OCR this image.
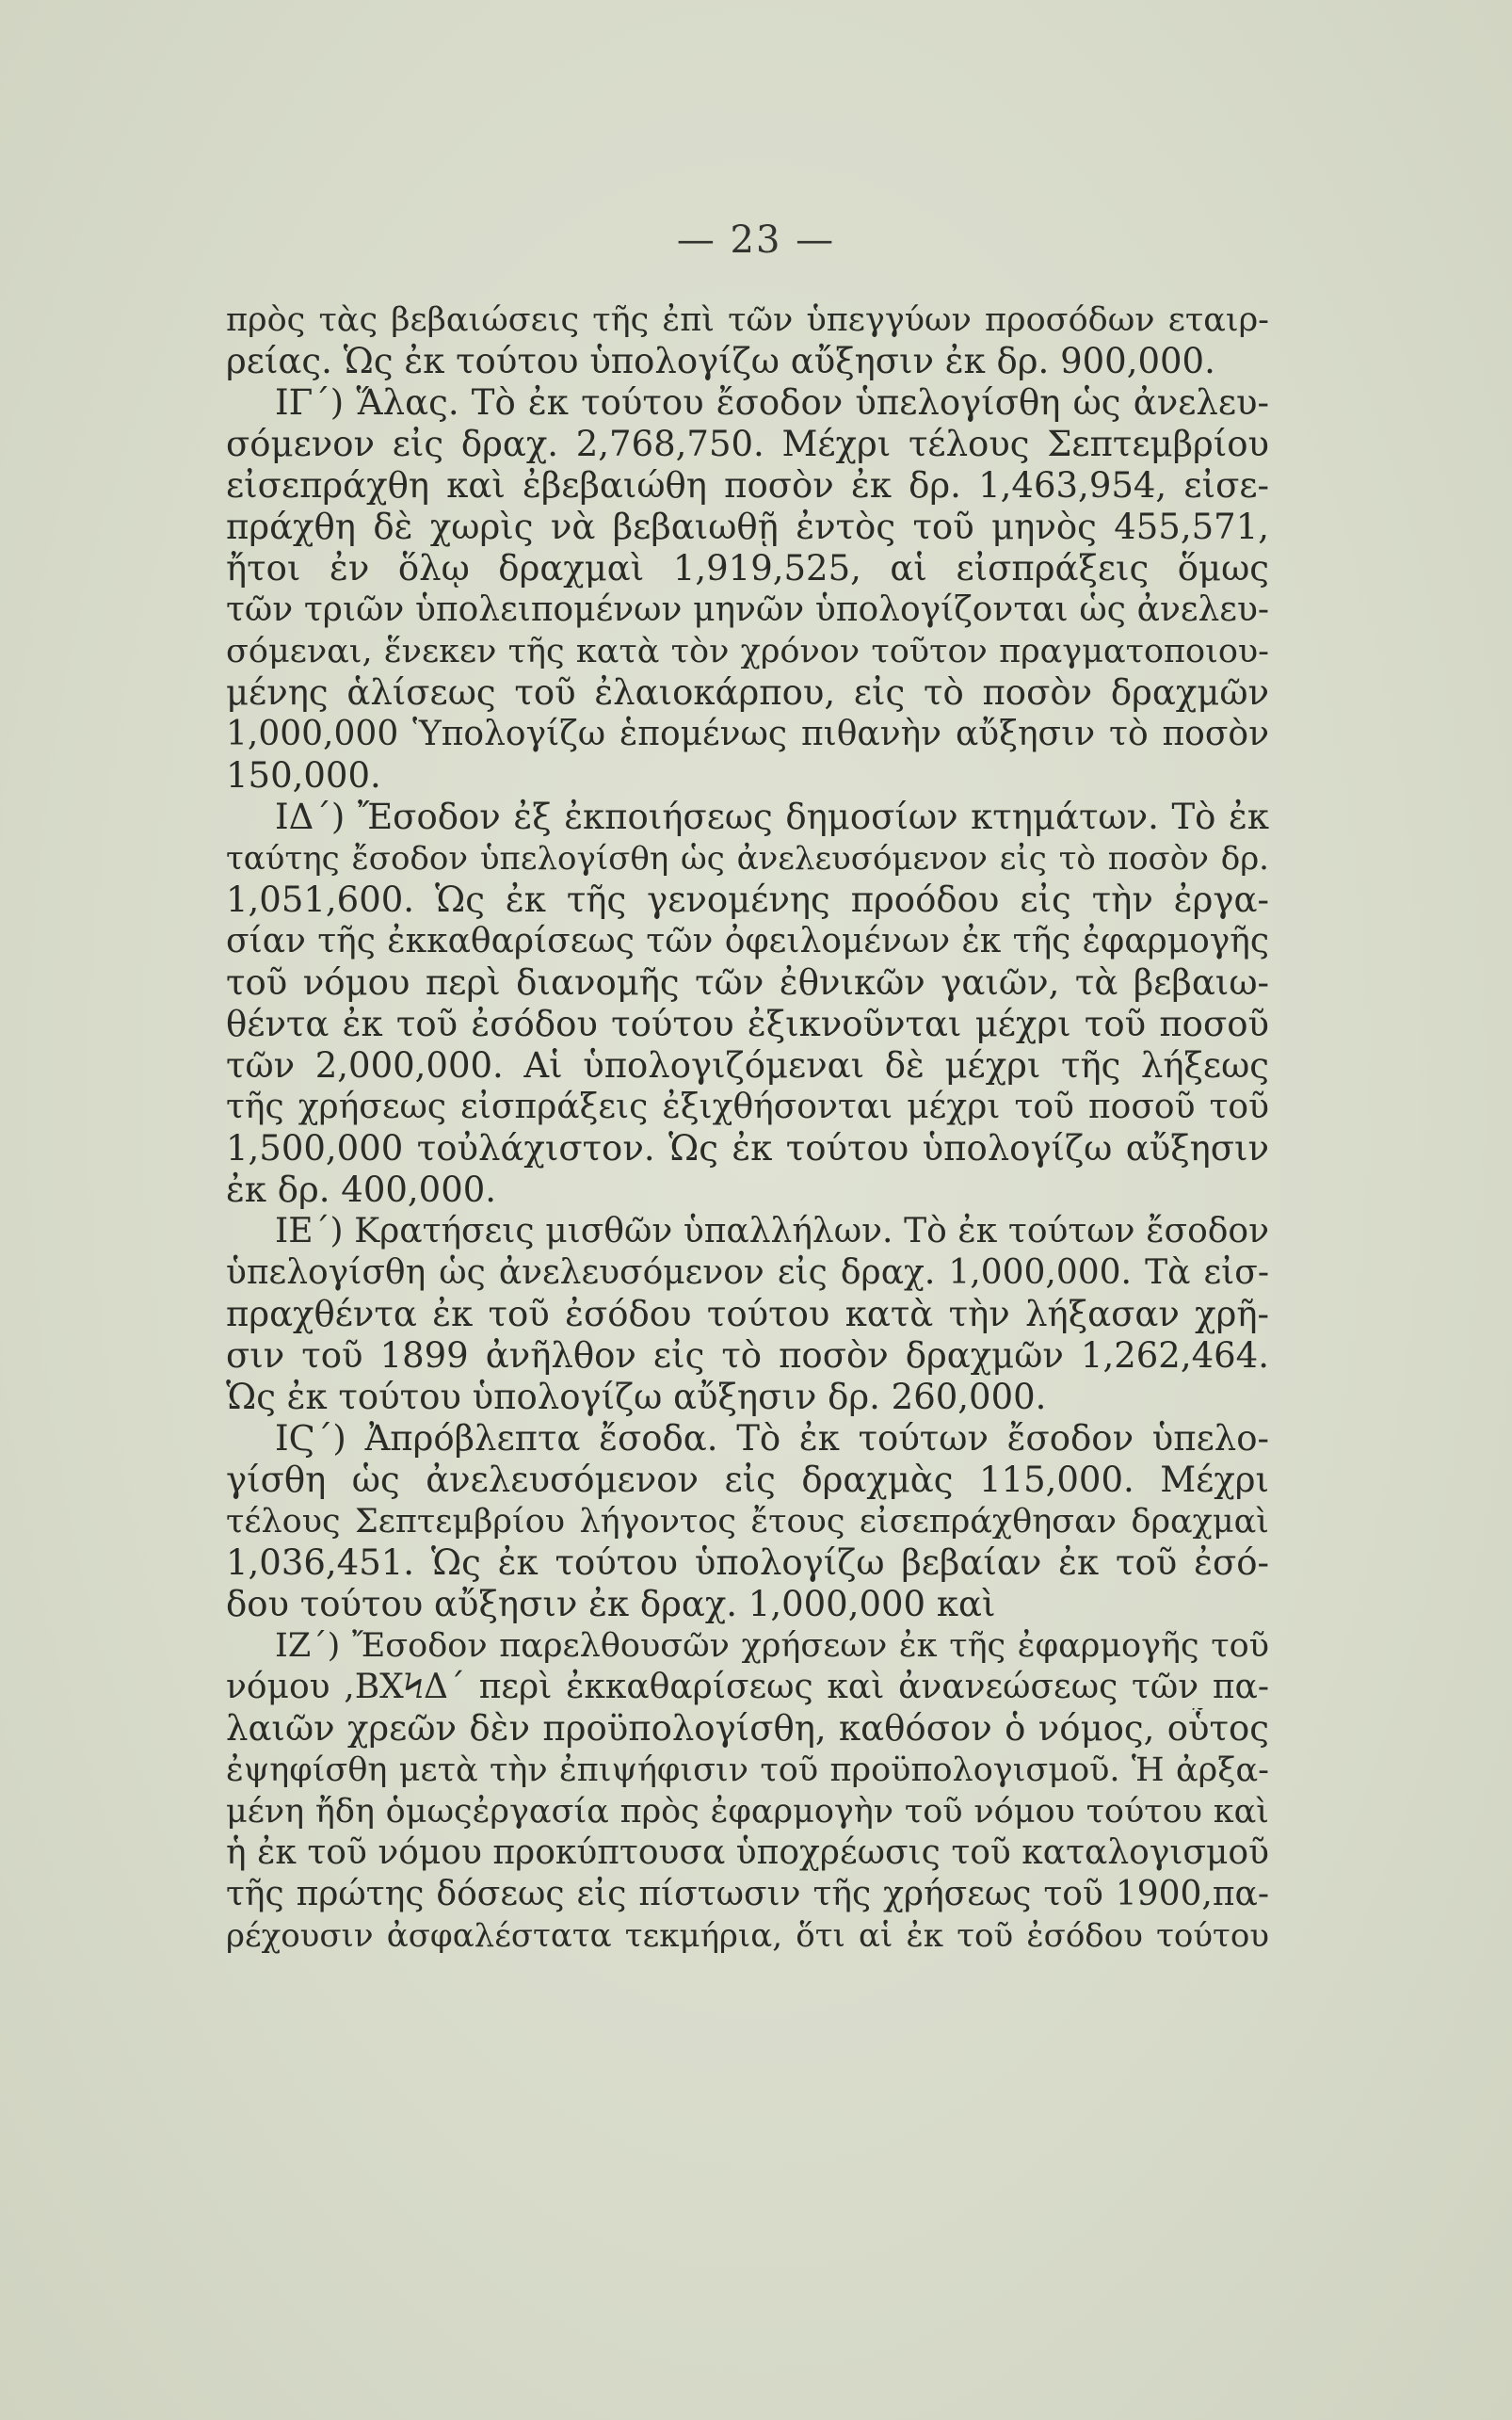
— 23 —
πρὸς τὰς βεβαιώσεις τῆς ἐπὶ τῶν ὑπεγγύων προσόδων εταιρ-
ρείας. Ὡς ἐκ τούτου ὑπολογίζω αὔξησιν ἐκ δρ. 900,000.
ΙΓ΄) Ἅλας. Τὸ ἐκ τούτου ἔσοδον ὑπελογίσθη ὡς ἀνελευ-
σόμενον εἰς δραχ. 2,768,750. Μέχρι τέλους Σεπτεμβρίου
εἰσεπράχθη καὶ ἐβεβαιώθη ποσὸν ἐκ δρ. 1,463,954, εἰσε-
πράχθη δὲ χωρὶς νὰ βεβαιωθῇ ἐντὸς τοῦ μηνὸς 455,571,
ἤτοι ἐν ὅλῳ δραχμαὶ 1,919,525, αἱ εἰσπράξεις ὅμως
τῶν τριῶν ὑπολειπομένων μηνῶν ὑπολογίζονται ὡς ἀνελευ-
σόμεναι, ἕνεκεν τῆς κατὰ τὸν χρόνον τοῦτον πραγματοποιου-
μένης ἁλίσεως τοῦ ἐλαιοκάρπου, εἰς τὸ ποσὸν δραχμῶν
1,000,000 Ὑπολογίζω ἑπομένως πιθανὴν αὔξησιν τὸ ποσὸν
150,000.
ΙΔ΄) Ἔσοδον ἐξ ἐκποιήσεως δημοσίων κτημάτων. Τὸ ἐκ
ταύτης ἔσοδον ὑπελογίσθη ὡς ἀνελευσόμενον εἰς τὸ ποσὸν δρ.
1,051,600. Ὡς ἐκ τῆς γενομένης προόδου εἰς τὴν ἐργα-
σίαν τῆς ἐκκαθαρίσεως τῶν ὀφειλομένων ἐκ τῆς ἐφαρμογῆς
τοῦ νόμου περὶ διανομῆς τῶν ἐθνικῶν γαιῶν, τὰ βεβαιω-
θέντα ἐκ τοῦ ἐσόδου τούτου ἐξικνοῦνται μέχρι τοῦ ποσοῦ
τῶν 2,000,000. Αἱ ὑπολογιζόμεναι δὲ μέχρι τῆς λήξεως
τῆς χρήσεως εἰσπράξεις ἐξιχθήσονται μέχρι τοῦ ποσοῦ τοῦ
1,500,000 τοὐλάχιστον. Ὡς ἐκ τούτου ὑπολογίζω αὔξησιν
ἐκ δρ. 400,000.
ΙΕ΄) Κρατήσεις μισθῶν ὑπαλλήλων. Τὸ ἐκ τούτων ἔσοδον
ὑπελογίσθη ὡς ἀνελευσόμενον εἰς δραχ. 1,000,000. Τὰ εἰσ-
πραχθέντα ἐκ τοῦ ἐσόδου τούτου κατὰ τὴν λήξασαν χρῆ-
σιν τοῦ 1899 ἀνῆλθον εἰς τὸ ποσὸν δραχμῶν 1,262,464.
Ὡς ἐκ τούτου ὑπολογίζω αὔξησιν δρ. 260,000.
ΙϚ΄) Ἀπρόβλεπτα ἔσοδα. Τὸ ἐκ τούτων ἔσοδον ὑπελο-
γίσθη ὡς ἀνελευσόμενον εἰς δραχμὰς 115,000. Μέχρι
τέλους Σεπτεμβρίου λήγοντος ἔτους εἰσεπράχθησαν δραχμαὶ
1,036,451. Ὡς ἐκ τούτου ὑπολογίζω βεβαίαν ἐκ τοῦ ἐσό-
δου τούτου αὔξησιν ἐκ δραχ. 1,000,000 καὶ
ΙΖ΄) Ἔσοδον παρελθουσῶν χρήσεων ἐκ τῆς ἐφαρμογῆς τοῦ
νόμου ,ΒΧϞΔ΄ περὶ ἐκκαθαρίσεως καὶ ἀνανεώσεως τῶν πα-
λαιῶν χρεῶν δὲν προϋπολογίσθη, καθόσον ὁ νόμος, οὗτος
ἐψηφίσθη μετὰ τὴν ἐπιψήφισιν τοῦ προϋπολογισμοῦ. Ἡ ἀρξα-
μένη ἤδη ὁμωςἐργασία πρὸς ἐφαρμογὴν τοῦ νόμου τούτου καὶ
ἡ ἐκ τοῦ νόμου προκύπτουσα ὑποχρέωσις τοῦ καταλογισμοῦ
τῆς πρώτης δόσεως εἰς πίστωσιν τῆς χρήσεως τοῦ 1900,πα-
ρέχουσιν ἀσφαλέστατα τεκμήρια, ὅτι αἱ ἐκ τοῦ ἐσόδου τούτου
